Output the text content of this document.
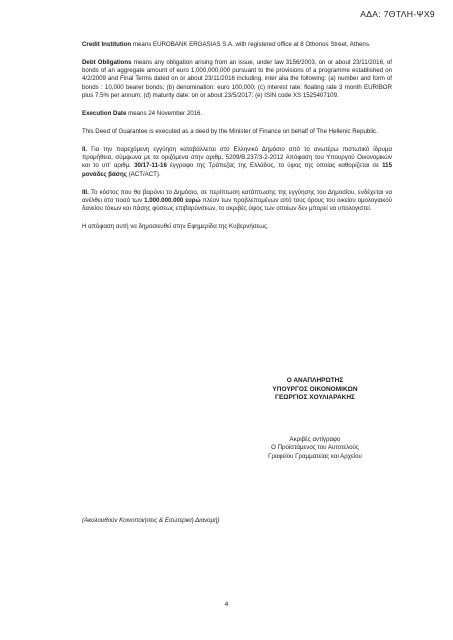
ΑΔΑ: 7ΘΤΛΗ-ΨΧ9

Credit Institution means EUROBANK ERGASIAS S.A. with registered office at 8 Othonos Street, Athens.

Debt Obligations means any obligation arising from an issue, under law 3156/2003, on or about 23/11/2016, of bonds of an aggregate amount of euro 1,000,000,000 pursuant to the provisions of a programme established on 4/2/2009 and Final Terms dated on or about 23/11/2016 including, inter alia the following: (a) number and form of bonds : 10,000 bearer bonds; (b) denomination: euro 100,000; (c) interest rate: floating rate 3 month EURIBOR plus 7.5% per annum; (d) maturity date: on or about 23/5/2017; (e) ISIN code XS 1525407109.

Execution Date means 24 November 2016.

This Deed of Guarantee is executed as a deed by the Minister of Finance on behalf of The Hellenic Republic.

II. Για την παρεχόμενη εγγύηση καταβάλλεται στο Ελληνικό Δημόσιο από το ανωτέρω πιστωτικό ίδρυμα προμήθεια, σύμφωνα με τα οριζόμενα στην αριθμ. 5209/Β.237/3-2-2012 Απόφαση του Υπουργού Οικονομικών και το υπ' αριθμ. 30/17-11-16 έγγραφο της Τράπεζας της Ελλάδος, το ύψος της οποίας καθορίζεται σε 115 μονάδες βάσης (ACT/ACT).

III. Το κόστος που θα βαρύνει το Δημόσιο, σε περίπτωση κατάπτωσης της εγγύησης του Δημοσίου, ενδέχεται να ανέλθει στο ποσό των 1.000.000.000 ευρώ πλέον των προβλεπομένων από τους όρους του οικείου ομολογιακού δανείου τόκων και πάσης φύσεως επιβαρύνσεων, το ακριβές ύψος των οποίων δεν μπορεί να υπολογιστεί.

Η απόφαση αυτή να δημοσιευθεί στην Εφημερίδα της Κυβερνήσεως.

Ο ΑΝΑΠΛΗΡΩΤΗΣ
ΥΠΟΥΡΓΟΣ ΟΙΚΟΝΟΜΙΚΩΝ
ΓΕΩΡΓΙΟΣ ΧΟΥΛΙΑΡΑΚΗΣ
Ακριβές αντίγραφο
Ο Προϊστάμενος του Αυτοτελούς
Γραφείου Γραμματείας και Αρχείου
(Ακολουθούν Κοινοποιήσεις & Εσωτερική Διανομή)
4
